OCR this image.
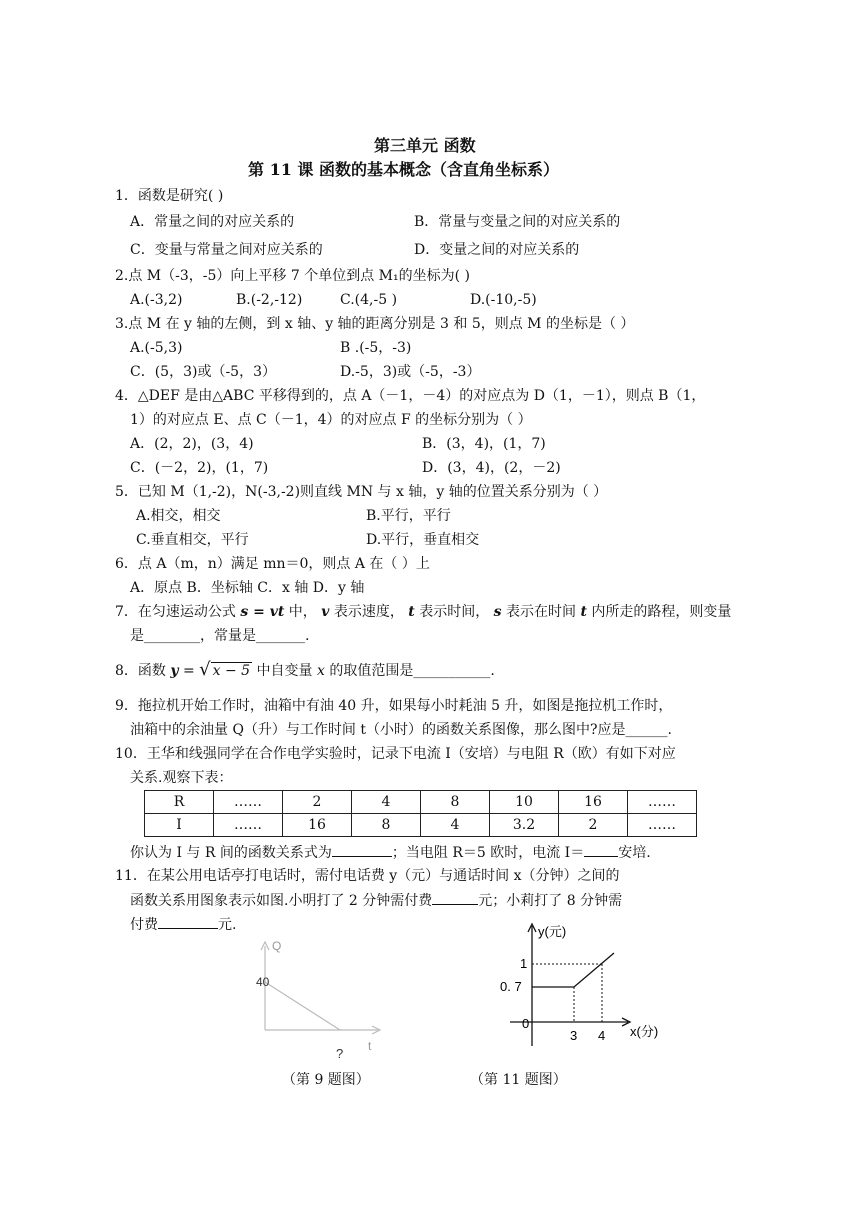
第三单元 函数
第 11 课 函数的基本概念（含直角坐标系）
1．函数是研究( )
A．常量之间的对应关系的	B．常量与变量之间的对应关系的
C．变量与常量之间对应关系的	D．变量之间的对应关系的
2.点 M（-3，-5）向上平移 7 个单位到点 M₁的坐标为( )
A.(-3,2)	B.(-2,-12)	C.(4,-5 )	D.(-10,-5)
3.点 M 在 y 轴的左侧，到 x 轴、y 轴的距离分别是 3 和 5，则点 M 的坐标是（ ）
A.(-5,3)	B .(-5，-3)
C．(5，3)或（-5，3）	D.-5，3)或（-5，-3）
4．△DEF 是由△ABC 平移得到的，点 A（－1，－4）的对应点为 D（1，－1），则点 B（1，
1）的对应点 E、点 C（－1，4）的对应点 F 的坐标分别为（ ）
A．(2，2)，(3，4)	B．(3，4)，(1，7)
C．(－2，2)，(1，7)	D．(3，4)，(2，－2)
5．已知 M（1,-2)，N(-3,-2)则直线 MN 与 x 轴，y 轴的位置关系分别为（ ）
A.相交，相交	B.平行，平行
C.垂直相交，平行	D.平行，垂直相交
6．点 A（m，n）满足 mn＝0，则点 A 在（ ）上
A．原点 B．坐标轴 C．x 轴 D．y 轴
7．在匀速运动公式 s = vt 中， v 表示速度， t 表示时间， s 表示在时间 t 内所走的路程，则变量
是________，常量是_______.
8．函数 y = √ x − 5 中自变量 x 的取值范围是___________.
9．拖拉机开始工作时，油箱中有油 40 升，如果每小时耗油 5 升，如图是拖拉机工作时，
油箱中的余油量 Q（升）与工作时间 t（小时）的函数关系图像，那么图中?应是______.
10．王华和线强同学在合作电学实验时，记录下电流 I（安培）与电阻 R（欧）有如下对应
关系.观察下表：
R	……	2	4	8	10	16	……
I	……	16	8	4	3.2	2	……
你认为 I 与 R 间的函数关系式为	；当电阻 R＝5 欧时，电流 I＝ 安培.
11．在某公用电话亭打电话时，需付电话费 y（元）与通话时间 x（分钟）之间的
函数关系用图象表示如图.小明打了 2 分钟需付费	元；小莉打了 8 分钟需
付费	元.
Q
40
t
?
（第 9 题图）
y(元)
1
0. 7
0
3 4 x(分)
（第 11 题图）
